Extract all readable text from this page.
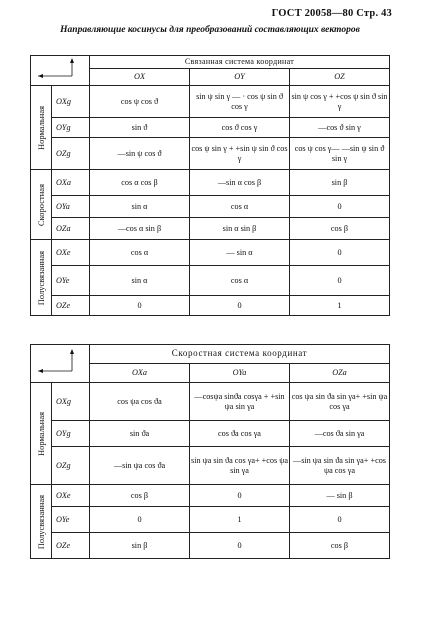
ГОСТ 20058—80 Стр. 43
Направляющие косинусы для преобразований составляющих векторов
	Связанная система координат		
		OX	OY	OZ

Нормальная	OXg	cos ψ cos ϑ	sin ψ sin γ — · cos ψ sin ϑ cos γ	sin ψ cos γ + +cos ψ sin ϑ sin γ
	OYg	sin ϑ	cos ϑ cos γ	—cos ϑ sin γ
	OZg	—sin ψ cos ϑ	cos ψ sin γ + +sin ψ sin ϑ cos γ	cos ψ cos γ— —sin ψ sin ϑ sin γ

Скоростная	OXa	cos α cos β	—sin α cos β	sin β
	OYa	sin α	cos α	0
	OZa	—cos α sin β	sin α sin β	cos β

Полусвязанная	OXe	cos α	— sin α	0
	OYe	sin α	cos α	0
	OZe	0	0	1
	Скоростная система координат		
		OXa	OYa	OZa

Нормальная	OXg	cos ψa cos ϑa	—cosψa sinϑa cosγa + +sin ψa sin γa	cos ψa sin ϑa sin γa+ +sin ψa cos γa
	OYg	sin ϑa	cos ϑa cos γa	—cos ϑa sin γa
	OZg	—sin ψa cos ϑa	sin ψa sin ϑa cos γa+ +cos ψa sin γa	—sin ψa sin ϑa sin γa+ +cos ψa cos γa

Полусвязанная	OXe	cos β	0	— sin β
	OYe	0	1	0
	OZe	sin β	0	cos β
